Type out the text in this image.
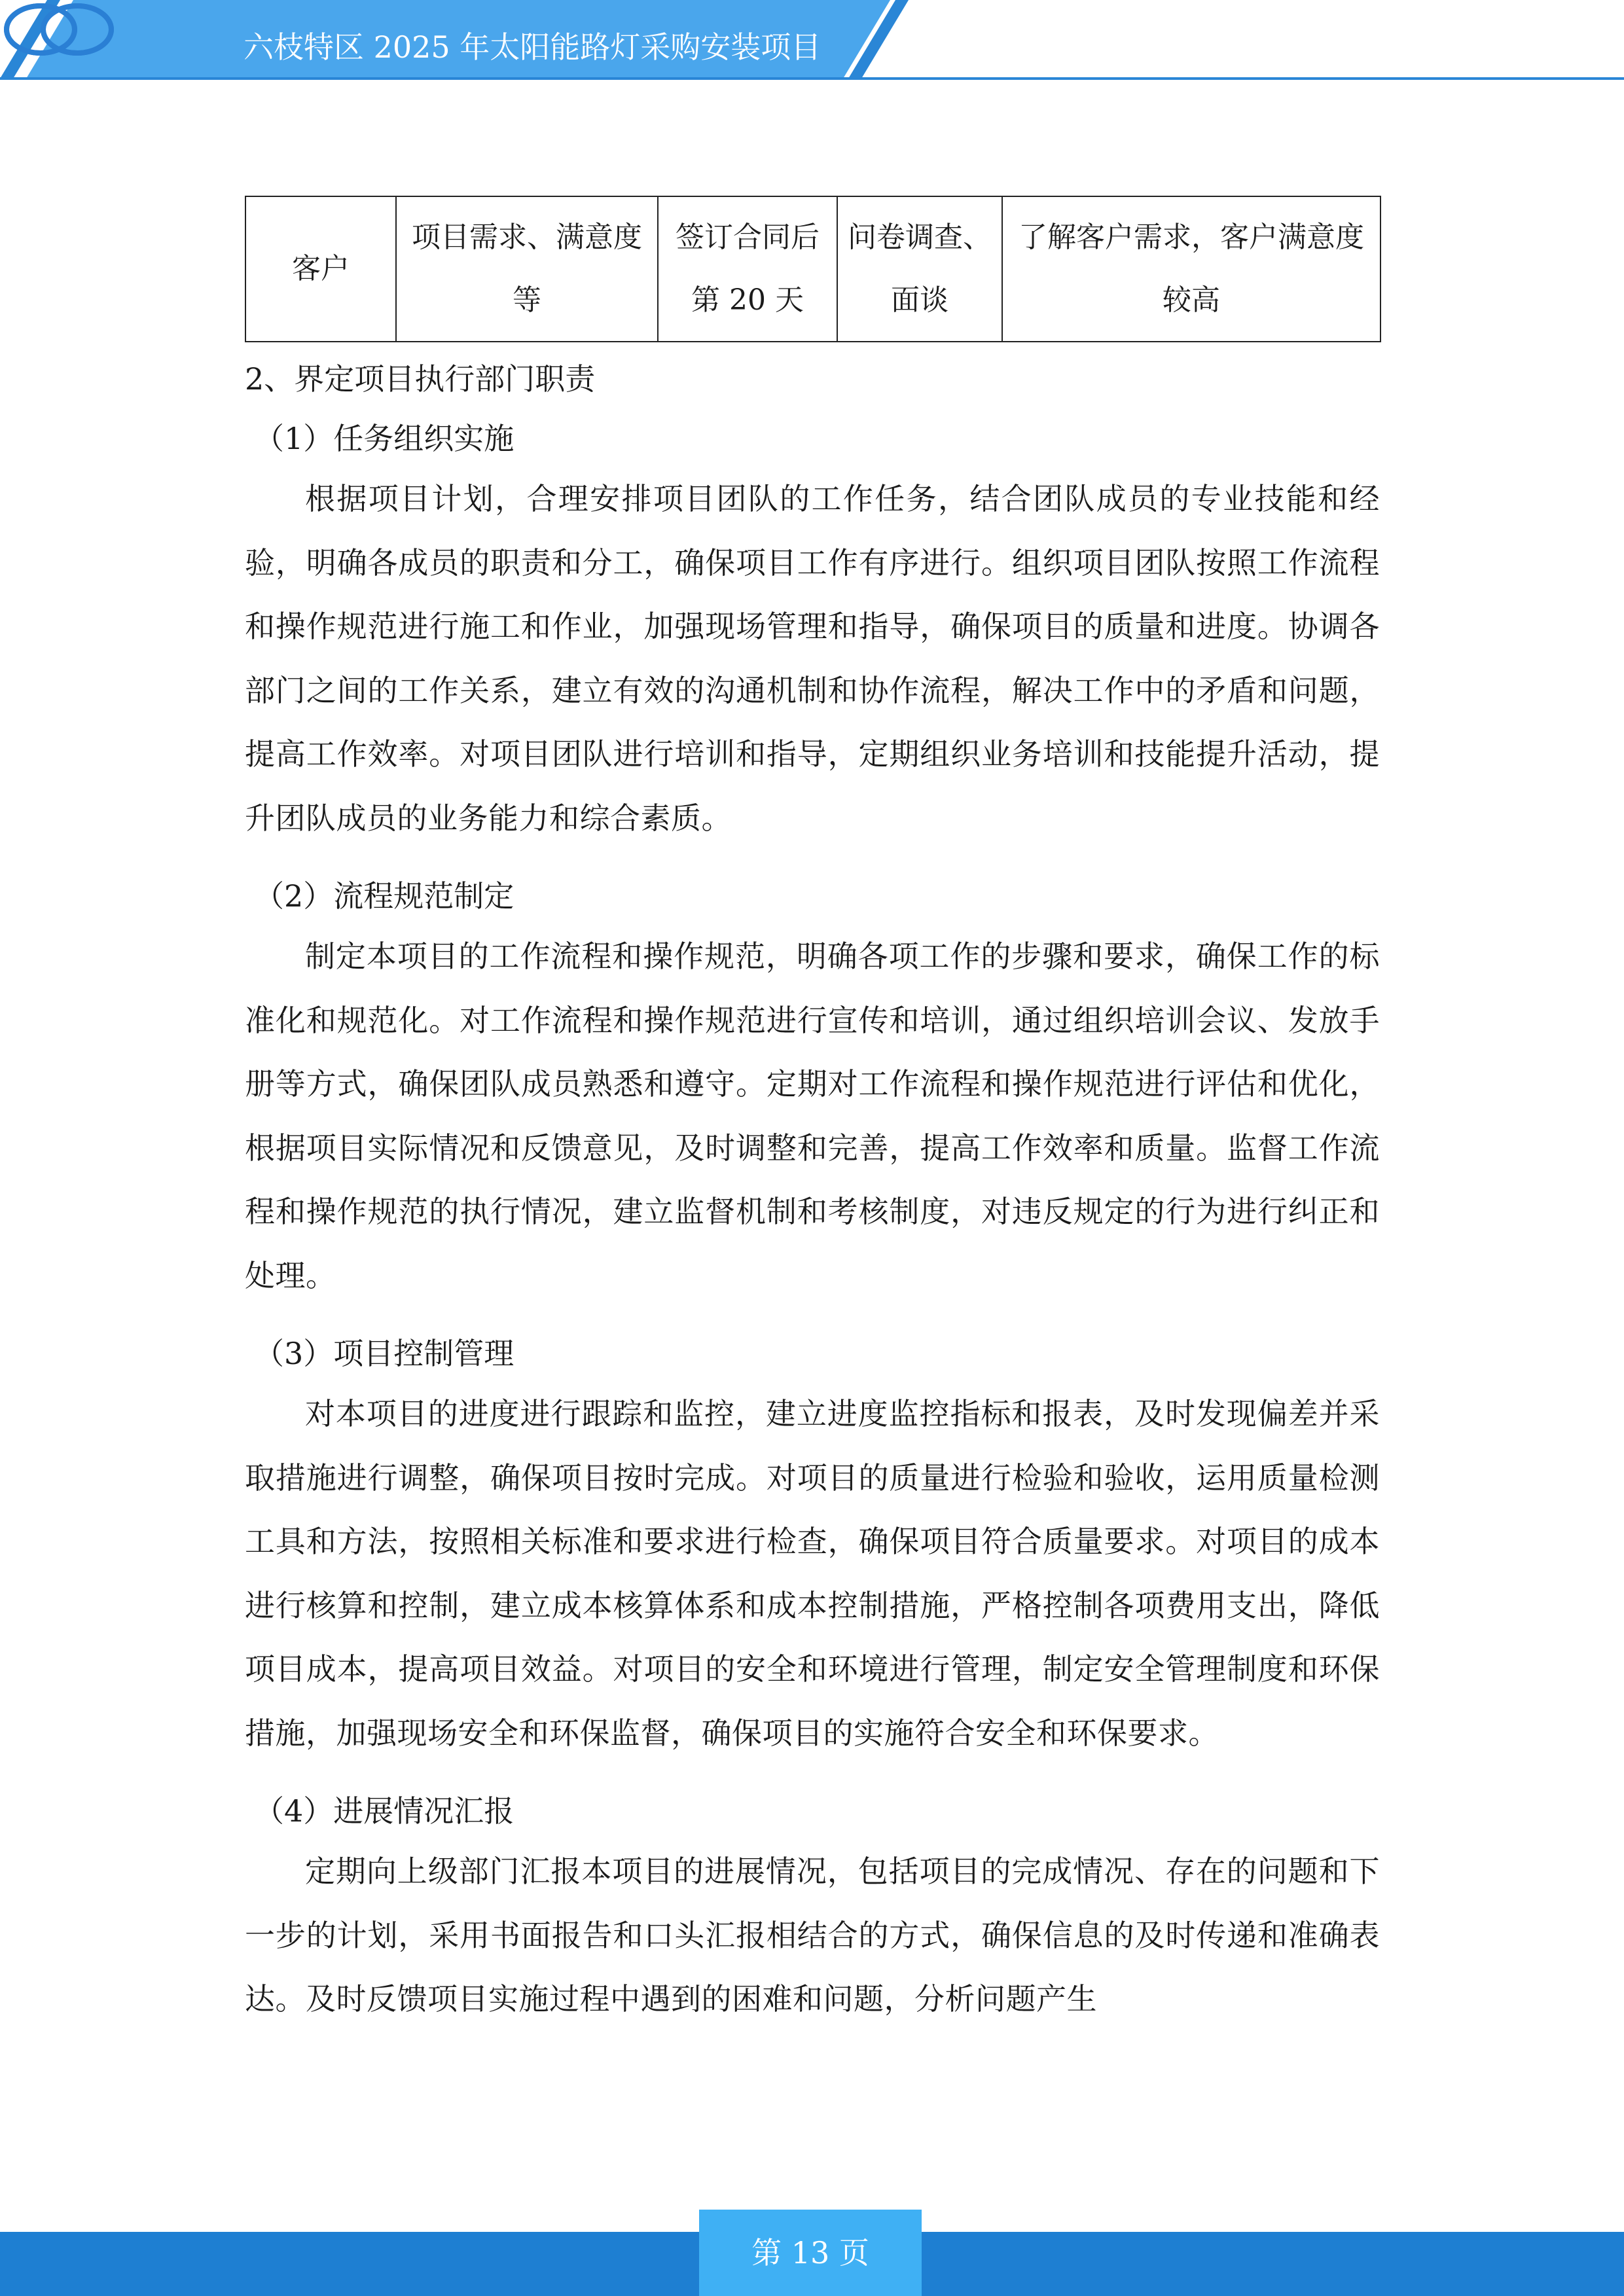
六枝特区 2025 年太阳能路灯采购安装项目
客户	项目需求、满意度等	签订合同后第 20 天	问卷调查、面谈	了解客户需求，客户满意度较高
2、界定项目执行部门职责
（1）任务组织实施

根据项目计划，合理安排项目团队的工作任务，结合团队成员的专业技能和经验，明确各成员的职责和分工，确保项目工作有序进行。组织项目团队按照工作流程和操作规范进行施工和作业，加强现场管理和指导，确保项目的质量和进度。协调各部门之间的工作关系，建立有效的沟通机制和协作流程，解决工作中的矛盾和问题，提高工作效率。对项目团队进行培训和指导，定期组织业务培训和技能提升活动，提升团队成员的业务能力和综合素质。

（2）流程规范制定

制定本项目的工作流程和操作规范，明确各项工作的步骤和要求，确保工作的标准化和规范化。对工作流程和操作规范进行宣传和培训，通过组织培训会议、发放手册等方式，确保团队成员熟悉和遵守。定期对工作流程和操作规范进行评估和优化，根据项目实际情况和反馈意见，及时调整和完善，提高工作效率和质量。监督工作流程和操作规范的执行情况，建立监督机制和考核制度，对违反规定的行为进行纠正和处理。

（3）项目控制管理

对本项目的进度进行跟踪和监控，建立进度监控指标和报表，及时发现偏差并采取措施进行调整，确保项目按时完成。对项目的质量进行检验和验收，运用质量检测工具和方法，按照相关标准和要求进行检查，确保项目符合质量要求。对项目的成本进行核算和控制，建立成本核算体系和成本控制措施，严格控制各项费用支出，降低项目成本，提高项目效益。对项目的安全和环境进行管理，制定安全管理制度和环保措施，加强现场安全和环保监督，确保项目的实施符合安全和环保要求。

（4）进展情况汇报

定期向上级部门汇报本项目的进展情况，包括项目的完成情况、存在的问题和下一步的计划，采用书面报告和口头汇报相结合的方式，确保信息的及时传递和准确表达。及时反馈项目实施过程中遇到的困难和问题，分析问题产生

第 13 页
